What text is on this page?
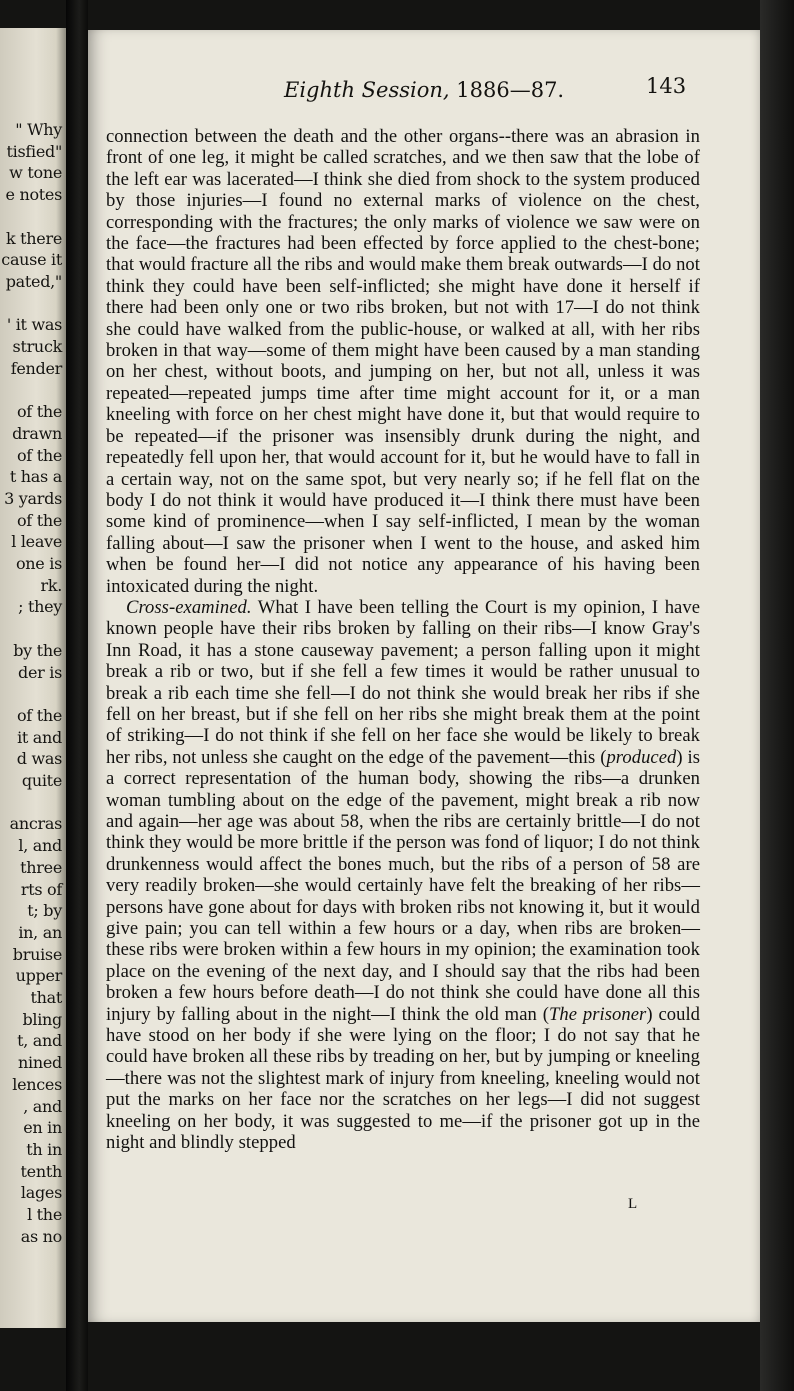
" Why
tisfied"
w tone
e notes
k there
cause it
pated,"
' it was
struck
fender
of the
drawn
of the
t has a
3 yards
of the
l leave
one is
rk.
; they
by the
der is
of the
it and
d was
quite
ancras
l, and
three
rts of
t; by
in, an
bruise
upper
that
bling
t, and
nined
lences
, and
en in
th in
tenth
lages
l the
as no
Eighth Session, 1886—87.	143

connection between the death and the other organs--there was an abrasion in front of one leg, it might be called scratches, and we then saw that the lobe of the left ear was lacerated—I think she died from shock to the system produced by those injuries—I found no external marks of violence on the chest, corresponding with the fractures; the only marks of violence we saw were on the face—the fractures had been effected by force applied to the chest-bone; that would fracture all the ribs and would make them break outwards—I do not think they could have been self-inflicted; she might have done it herself if there had been only one or two ribs broken, but not with 17—I do not think she could have walked from the public-house, or walked at all, with her ribs broken in that way—some of them might have been caused by a man standing on her chest, without boots, and jumping on her, but not all, unless it was repeated—repeated jumps time after time might account for it, or a man kneeling with force on her chest might have done it, but that would require to be repeated—if the prisoner was insensibly drunk during the night, and repeatedly fell upon her, that would account for it, but he would have to fall in a certain way, not on the same spot, but very nearly so; if he fell flat on the body I do not think it would have produced it—I think there must have been some kind of prominence—when I say self-inflicted, I mean by the woman falling about—I saw the prisoner when I went to the house, and asked him when be found her—I did not notice any appearance of his having been intoxicated during the night.

Cross-examined. What I have been telling the Court is my opinion, I have known people have their ribs broken by falling on their ribs—I know Gray's Inn Road, it has a stone causeway pavement; a person falling upon it might break a rib or two, but if she fell a few times it would be rather unusual to break a rib each time she fell—I do not think she would break her ribs if she fell on her breast, but if she fell on her ribs she might break them at the point of striking—I do not think if she fell on her face she would be likely to break her ribs, not unless she caught on the edge of the pavement—this (produced) is a correct representation of the human body, showing the ribs—a drunken woman tumbling about on the edge of the pavement, might break a rib now and again—her age was about 58, when the ribs are certainly brittle—I do not think they would be more brittle if the person was fond of liquor; I do not think drunkenness would affect the bones much, but the ribs of a person of 58 are very readily broken—she would certainly have felt the breaking of her ribs—persons have gone about for days with broken ribs not knowing it, but it would give pain; you can tell within a few hours or a day, when ribs are broken—these ribs were broken within a few hours in my opinion; the examination took place on the evening of the next day, and I should say that the ribs had been broken a few hours before death—I do not think she could have done all this injury by falling about in the night—I think the old man (The prisoner) could have stood on her body if she were lying on the floor; I do not say that he could have broken all these ribs by treading on her, but by jumping or kneeling—there was not the slightest mark of injury from kneeling, kneeling would not put the marks on her face nor the scratches on her legs—I did not suggest kneeling on her body, it was suggested to me—if the prisoner got up in the night and blindly stepped

L
